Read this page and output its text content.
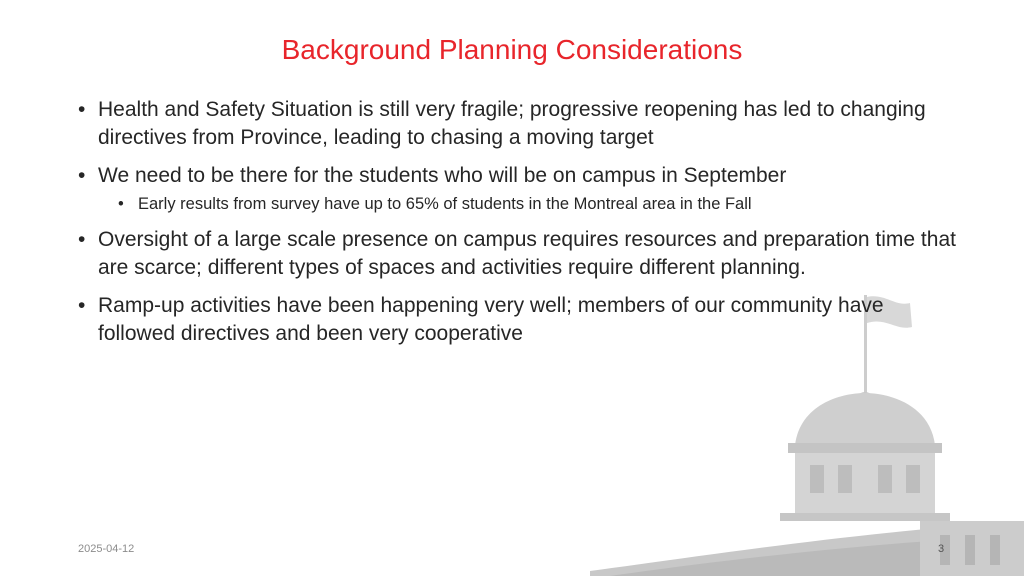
Background Planning Considerations
• Health and Safety Situation is still very fragile; progressive reopening has led to changing directives from Province, leading to chasing a moving target
• We need to be there for the students who will be on campus in September
• Early results from survey have up to 65% of students in the Montreal area in the Fall
• Oversight of a large scale presence on campus requires resources and preparation time that are scarce; different types of spaces and activities require different planning.
• Ramp-up activities have been happening very well; members of our community have followed directives and been very cooperative
2025-04-12	3
